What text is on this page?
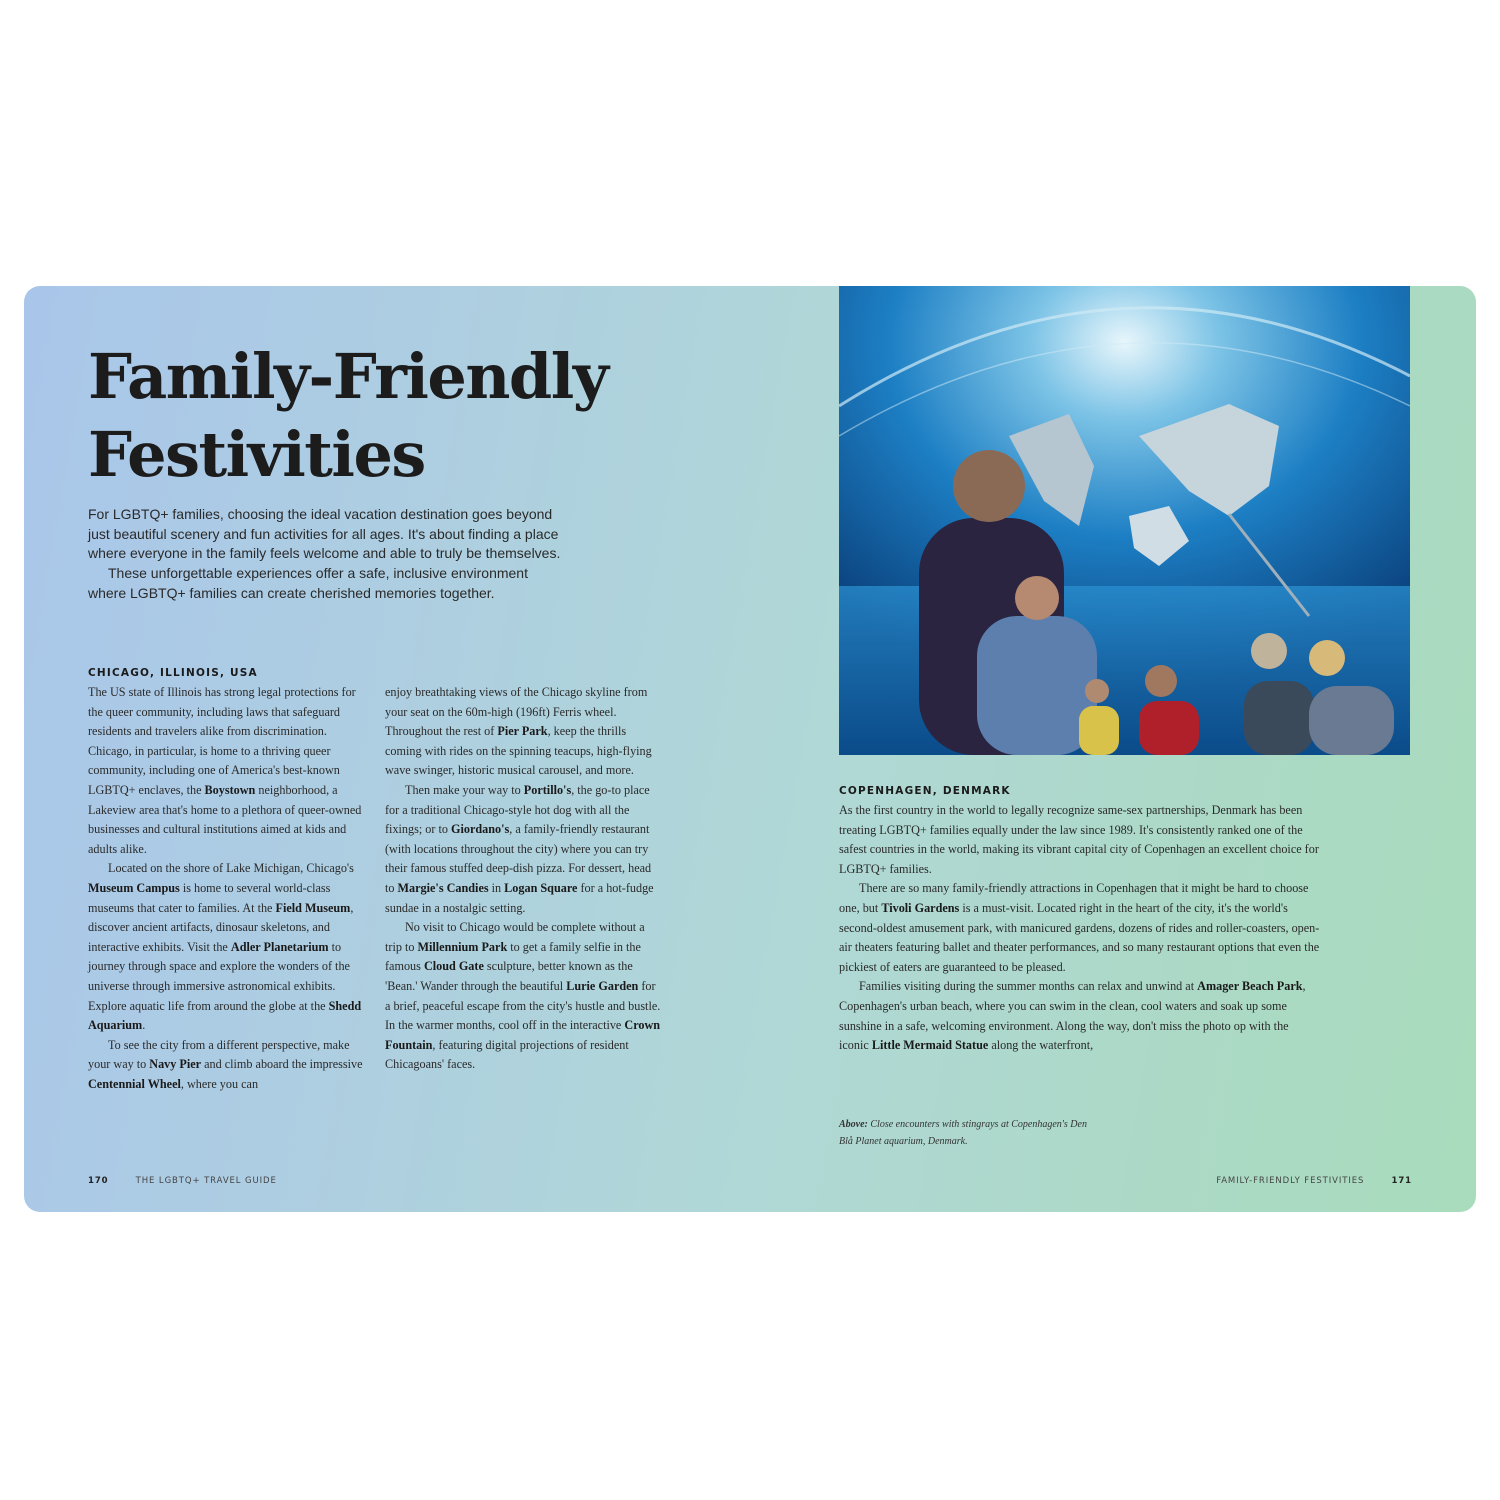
Family-Friendly
Festivities

For LGBTQ+ families, choosing the ideal vacation destination goes beyond just beautiful scenery and fun activities for all ages. It's about finding a place where everyone in the family feels welcome and able to truly be themselves.

These unforgettable experiences offer a safe, inclusive environment where LGBTQ+ families can create cherished memories together.

CHICAGO, ILLINOIS, USA

The US state of Illinois has strong legal protections for the queer community, including laws that safeguard residents and travelers alike from discrimination. Chicago, in particular, is home to a thriving queer community, including one of America's best-known LGBTQ+ enclaves, the Boystown neighborhood, a Lakeview area that's home to a plethora of queer-owned businesses and cultural institutions aimed at kids and adults alike.

Located on the shore of Lake Michigan, Chicago's Museum Campus is home to several world-class museums that cater to families. At the Field Museum, discover ancient artifacts, dinosaur skeletons, and interactive exhibits. Visit the Adler Planetarium to journey through space and explore the wonders of the universe through immersive astronomical exhibits. Explore aquatic life from around the globe at the Shedd Aquarium.

To see the city from a different perspective, make your way to Navy Pier and climb aboard the impressive Centennial Wheel, where you can

enjoy breathtaking views of the Chicago skyline from your seat on the 60m-high (196ft) Ferris wheel. Throughout the rest of Pier Park, keep the thrills coming with rides on the spinning teacups, high-flying wave swinger, historic musical carousel, and more.

Then make your way to Portillo's, the go-to place for a traditional Chicago-style hot dog with all the fixings; or to Giordano's, a family-friendly restaurant (with locations throughout the city) where you can try their famous stuffed deep-dish pizza. For dessert, head to Margie's Candies in Logan Square for a hot-fudge sundae in a nostalgic setting.

No visit to Chicago would be complete without a trip to Millennium Park to get a family selfie in the famous Cloud Gate sculpture, better known as the 'Bean.' Wander through the beautiful Lurie Garden for a brief, peaceful escape from the city's hustle and bustle. In the warmer months, cool off in the interactive Crown Fountain, featuring digital projections of resident Chicagoans' faces.

COPENHAGEN, DENMARK

As the first country in the world to legally recognize same-sex partnerships, Denmark has been treating LGBTQ+ families equally under the law since 1989. It's consistently ranked one of the safest countries in the world, making its vibrant capital city of Copenhagen an excellent choice for LGBTQ+ families.

There are so many family-friendly attractions in Copenhagen that it might be hard to choose one, but Tivoli Gardens is a must-visit. Located right in the heart of the city, it's the world's second-oldest amusement park, with manicured gardens, dozens of rides and roller-coasters, open-air theaters featuring ballet and theater performances, and so many restaurant options that even the pickiest of eaters are guaranteed to be pleased.

Families visiting during the summer months can relax and unwind at Amager Beach Park, Copenhagen's urban beach, where you can swim in the clean, cool waters and soak up some sunshine in a safe, welcoming environment. Along the way, don't miss the photo op with the iconic Little Mermaid Statue along the waterfront,

Above: Close encounters with stingrays at Copenhagen's Den Blå Planet aquarium, Denmark.
170	THE LGBTQ+ TRAVEL GUIDE	FAMILY-FRIENDLY FESTIVITIES	171
